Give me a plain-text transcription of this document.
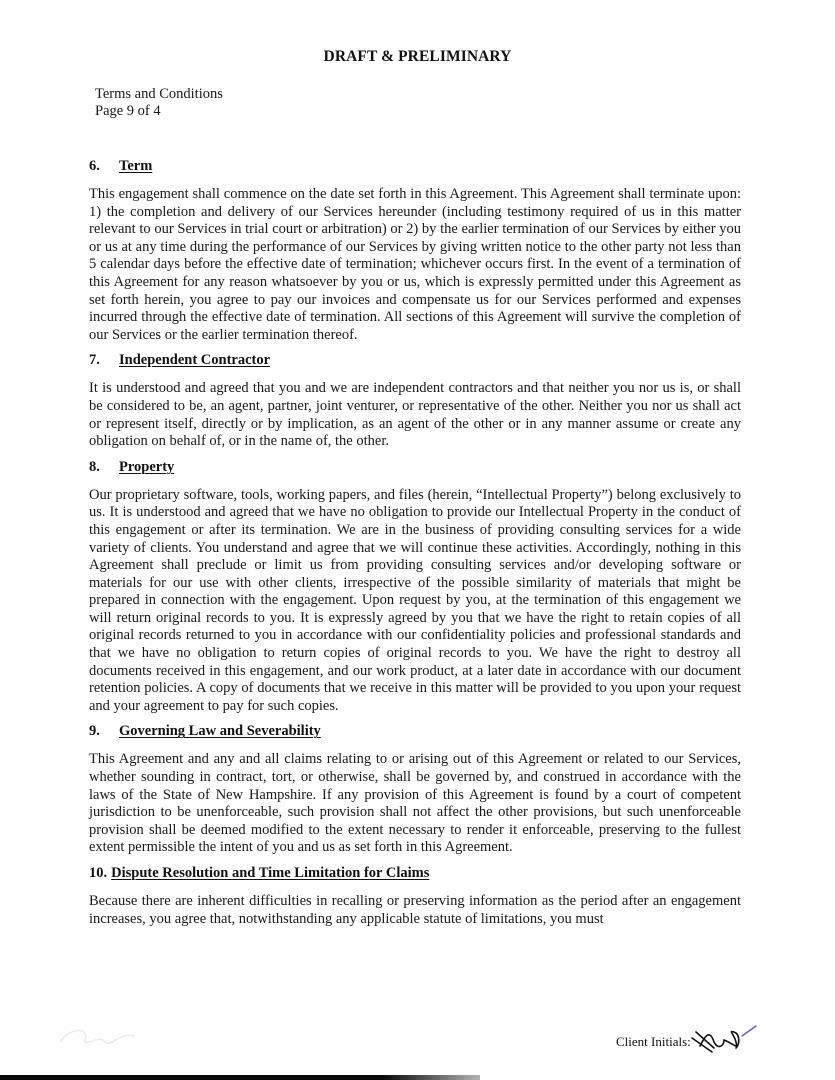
DRAFT & PRELIMINARY
Terms and Conditions
Page 9 of 4
6. Term

This engagement shall commence on the date set forth in this Agreement. This Agreement shall terminate upon: 1) the completion and delivery of our Services hereunder (including testimony required of us in this matter relevant to our Services in trial court or arbitration) or 2) by the earlier termination of our Services by either you or us at any time during the performance of our Services by giving written notice to the other party not less than 5 calendar days before the effective date of termination; whichever occurs first. In the event of a termination of this Agreement for any reason whatsoever by you or us, which is expressly permitted under this Agreement as set forth herein, you agree to pay our invoices and compensate us for our Services performed and expenses incurred through the effective date of termination. All sections of this Agreement will survive the completion of our Services or the earlier termination thereof.

7. Independent Contractor

It is understood and agreed that you and we are independent contractors and that neither you nor us is, or shall be considered to be, an agent, partner, joint venturer, or representative of the other. Neither you nor us shall act or represent itself, directly or by implication, as an agent of the other or in any manner assume or create any obligation on behalf of, or in the name of, the other.

8. Property

Our proprietary software, tools, working papers, and files (herein, “Intellectual Property”) belong exclusively to us. It is understood and agreed that we have no obligation to provide our Intellectual Property in the conduct of this engagement or after its termination. We are in the business of providing consulting services for a wide variety of clients. You understand and agree that we will continue these activities. Accordingly, nothing in this Agreement shall preclude or limit us from providing consulting services and/or developing software or materials for our use with other clients, irrespective of the possible similarity of materials that might be prepared in connection with the engagement. Upon request by you, at the termination of this engagement we will return original records to you. It is expressly agreed by you that we have the right to retain copies of all original records returned to you in accordance with our confidentiality policies and professional standards and that we have no obligation to return copies of original records to you. We have the right to destroy all documents received in this engagement, and our work product, at a later date in accordance with our document retention policies. A copy of documents that we receive in this matter will be provided to you upon your request and your agreement to pay for such copies.

9. Governing Law and Severability

This Agreement and any and all claims relating to or arising out of this Agreement or related to our Services, whether sounding in contract, tort, or otherwise, shall be governed by, and construed in accordance with the laws of the State of New Hampshire. If any provision of this Agreement is found by a court of competent jurisdiction to be unenforceable, such provision shall not affect the other provisions, but such unenforceable provision shall be deemed modified to the extent necessary to render it enforceable, preserving to the fullest extent permissible the intent of you and us as set forth in this Agreement.

10. Dispute Resolution and Time Limitation for Claims

Because there are inherent difficulties in recalling or preserving information as the period after an engagement increases, you agree that, notwithstanding any applicable statute of limitations, you must

Client Initials:
